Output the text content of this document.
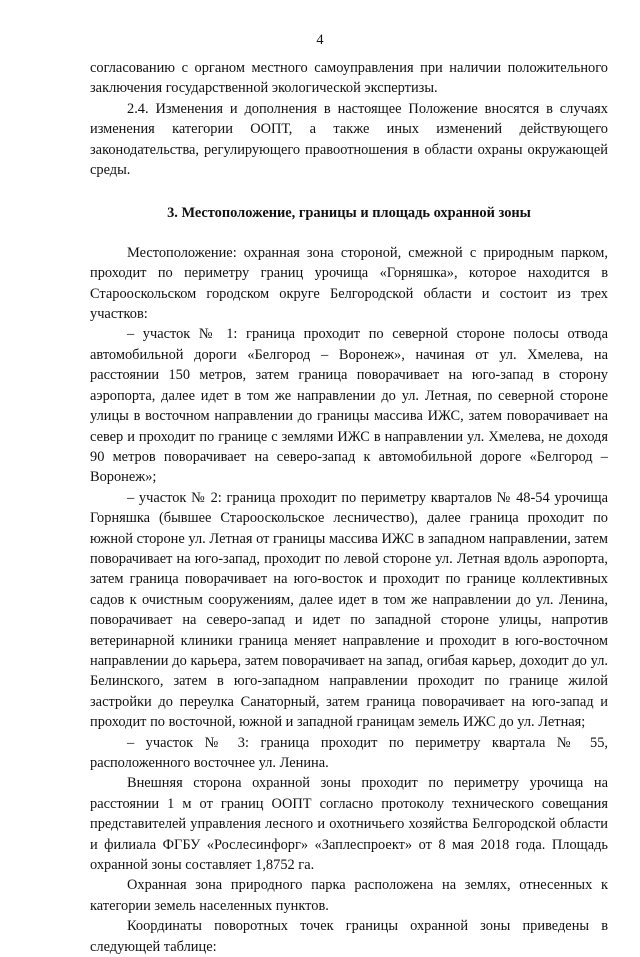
4

согласованию с органом местного самоуправления при наличии положительного заключения государственной экологической экспертизы.

2.4. Изменения и дополнения в настоящее Положение вносятся в случаях изменения категории ООПТ, а также иных изменений действующего законодательства, регулирующего правоотношения в области охраны окружающей среды.

3. Местоположение, границы и площадь охранной зоны

Местоположение: охранная зона стороной, смежной с природным парком, проходит по периметру границ урочища «Горняшка», которое находится в Старооскольском городском округе Белгородской области и состоит из трех участков:

– участок № 1: граница проходит по северной стороне полосы отвода автомобильной дороги «Белгород – Воронеж», начиная от ул. Хмелева, на расстоянии 150 метров, затем граница поворачивает на юго-запад в сторону аэропорта, далее идет в том же направлении до ул. Летная, по северной стороне улицы в восточном направлении до границы массива ИЖС, затем поворачивает на север и проходит по границе с землями ИЖС в направлении ул. Хмелева, не доходя 90 метров поворачивает на северо-запад к автомобильной дороге «Белгород – Воронеж»;

– участок № 2: граница проходит по периметру кварталов № 48-54 урочища Горняшка (бывшее Старооскольское лесничество), далее граница проходит по южной стороне ул. Летная от границы массива ИЖС в западном направлении, затем поворачивает на юго-запад, проходит по левой стороне ул. Летная вдоль аэропорта, затем граница поворачивает на юго-восток и проходит по границе коллективных садов к очистным сооружениям, далее идет в том же направлении до ул. Ленина, поворачивает на северо-запад и идет по западной стороне улицы, напротив ветеринарной клиники граница меняет направление и проходит в юго-восточном направлении до карьера, затем поворачивает на запад, огибая карьер, доходит до ул. Белинского, затем в юго-западном направлении проходит по границе жилой застройки до переулка Санаторный, затем граница поворачивает на юго-запад и проходит по восточной, южной и западной границам земель ИЖС до ул. Летная;

– участок № 3: граница проходит по периметру квартала № 55, расположенного восточнее ул. Ленина.

Внешняя сторона охранной зоны проходит по периметру урочища на расстоянии 1 м от границ ООПТ согласно протоколу технического совещания представителей управления лесного и охотничьего хозяйства Белгородской области и филиала ФГБУ «Рослесинфорг» «Заплеспроект» от 8 мая 2018 года. Площадь охранной зоны составляет 1,8752 га.

Охранная зона природного парка расположена на землях, отнесенных к категории земель населенных пунктов.

Координаты поворотных точек границы охранной зоны приведены в следующей таблице:
